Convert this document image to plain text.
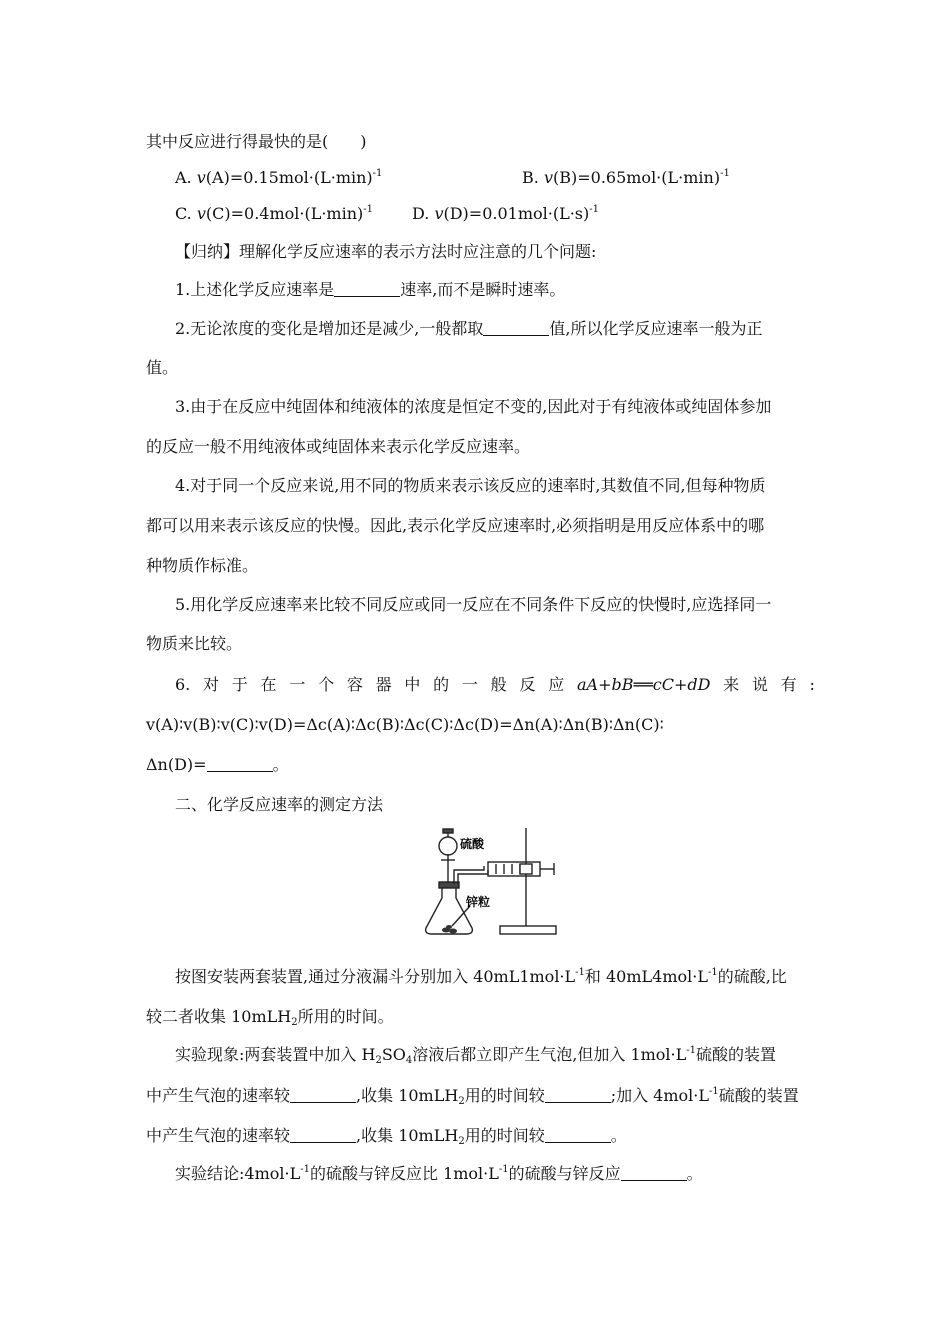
其中反应进行得最快的是(　　)
A. $v(A)=0.15mol\cdot(L\cdot\min)^{-1}$	B. $v(B)=0.65mol\cdot(L\cdot\min)^{-1}$
C. $v(C)=0.4mol\cdot(L\cdot\min)^{-1}$ D. $v(D)=0.01mol\cdot(L\cdot s)^{-1}$
【归纳】理解化学反应速率的表示方法时应注意的几个问题:
1.上述化学反应速率是	速率,而不是瞬时速率。
2.无论浓度的变化是增加还是减少,一般都取	值,所以化学反应速率一般为正
值。
3.由于在反应中纯固体和纯液体的浓度是恒定不变的,因此对于有纯液体或纯固体参加
的反应一般不用纯液体或纯固体来表示化学反应速率。
4.对于同一个反应来说,用不同的物质来表示该反应的速率时,其数值不同,但每种物质
都可以用来表示该反应的快慢。因此,表示化学反应速率时,必须指明是用反应体系中的哪
种物质作标准。
5.用化学反应速率来比较不同反应或同一反应在不同条件下反应的快慢时,应选择同一
物质来比较。
6. 对 于 在 一 个 容 器 中 的 一 般 反 应 aA+bB══cC+dD 来 说 有 :
v(A)∶v(B)∶v(C)∶v(D)=Δc(A)∶Δc(B)∶Δc(C)∶Δc(D)=Δn(A)∶Δn(B)∶Δn(C)∶
Δn(D)=	。
二、化学反应速率的测定方法
硫酸
锌粒
按图安装两套装置,通过分液漏斗分别加入 $40mL1mol\cdot L^{-1}$和 $40mL4mol\cdot L^{-1}$的硫酸,比
较二者收集 10mLH$_2$所用的时间。
实验现象:两套装置中加入 $H_2SO_4$溶液后都立即产生气泡,但加入 $1mol\cdot L^{-1}$硫酸的装置
中产生气泡的速率较	,收集 10mLH$_2$用的时间较	;加入 $4mol\cdot L^{-1}$硫酸的装置
中产生气泡的速率较	,收集 10mLH$_2$用的时间较	。
实验结论$:4mol\cdot L^{-1}$的硫酸与锌反应比 $1mol\cdot L^{-1}$的硫酸与锌反应	。
